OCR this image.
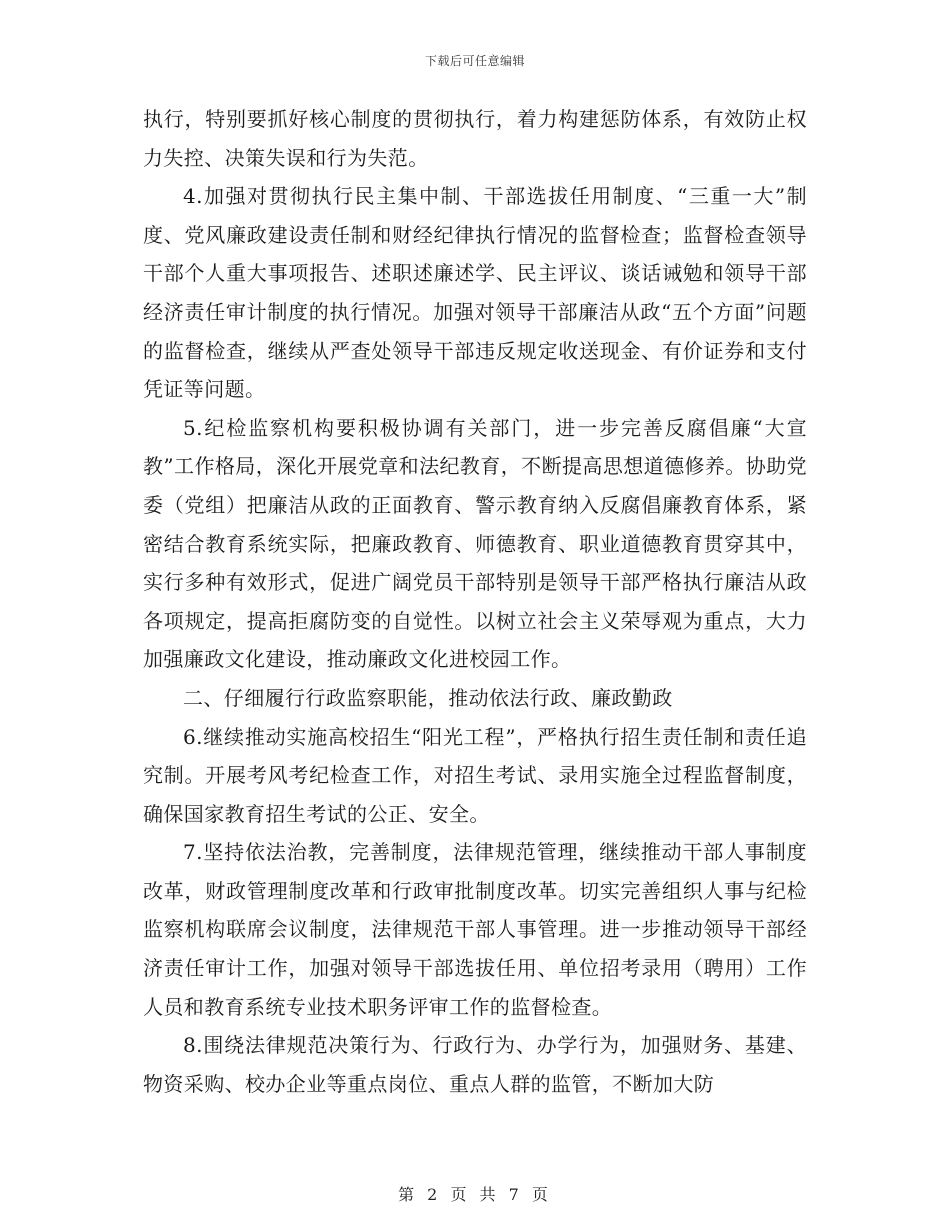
下载后可任意编辑

执行，特别要抓好核心制度的贯彻执行，着力构建惩防体系，有效防止权力失控、决策失误和行为失范。

4.加强对贯彻执行民主集中制、干部选拔任用制度、“三重一大”制度、党风廉政建设责任制和财经纪律执行情况的监督检查；监督检查领导干部个人重大事项报告、述职述廉述学、民主评议、谈话诫勉和领导干部经济责任审计制度的执行情况。加强对领导干部廉洁从政“五个方面”问题的监督检查，继续从严查处领导干部违反规定收送现金、有价证券和支付凭证等问题。

5.纪检监察机构要积极协调有关部门，进一步完善反腐倡廉“大宣教”工作格局，深化开展党章和法纪教育，不断提高思想道德修养。协助党委（党组）把廉洁从政的正面教育、警示教育纳入反腐倡廉教育体系，紧密结合教育系统实际，把廉政教育、师德教育、职业道德教育贯穿其中，实行多种有效形式，促进广阔党员干部特别是领导干部严格执行廉洁从政各项规定，提高拒腐防变的自觉性。以树立社会主义荣辱观为重点，大力加强廉政文化建设，推动廉政文化进校园工作。

二、仔细履行行政监察职能，推动依法行政、廉政勤政

6.继续推动实施高校招生“阳光工程”，严格执行招生责任制和责任追究制。开展考风考纪检查工作，对招生考试、录用实施全过程监督制度，确保国家教育招生考试的公正、安全。

7.坚持依法治教，完善制度，法律规范管理，继续推动干部人事制度改革，财政管理制度改革和行政审批制度改革。切实完善组织人事与纪检监察机构联席会议制度，法律规范干部人事管理。进一步推动领导干部经济责任审计工作，加强对领导干部选拔任用、单位招考录用（聘用）工作人员和教育系统专业技术职务评审工作的监督检查。

8.围绕法律规范决策行为、行政行为、办学行为，加强财务、基建、物资采购、校办企业等重点岗位、重点人群的监管，不断加大防

第 2 页 共 7 页
